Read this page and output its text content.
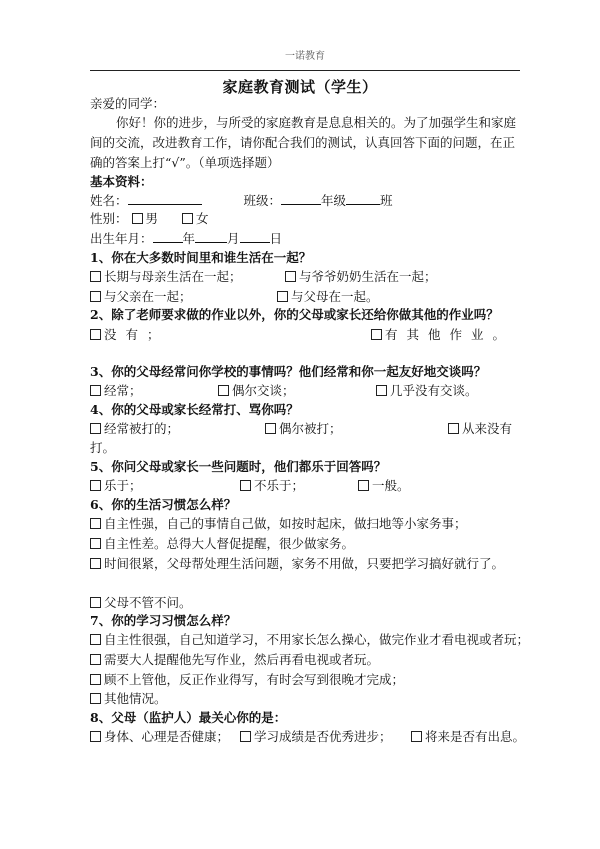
一诺教育
家庭教育测试（学生）
亲爱的同学：
你好！你的进步，与所受的家庭教育是息息相关的。为了加强学生和家庭间的交流，改进教育工作，请你配合我们的测试，认真回答下面的问题，在正确的答案上打“√”。（单项选择题）
基本资料：
姓名：	班级：	年级	班
性别： 男	女
出生年月： 年	月 日
1、你在大多数时间里和谁生活在一起？
长期与母亲生活在一起；	与爷爷奶奶生活在一起；
与父亲在一起；	与父母在一起。
2、除了老师要求做的作业以外，你的父母或家长还给你做其他的作业吗？
没有；	有其他作业。
3、你的父母经常问你学校的事情吗？他们经常和你一起友好地交谈吗？
经常；	偶尔交谈；	几乎没有交谈。
4、你的父母或家长经常打、骂你吗？
经常被打的；	偶尔被打；	从来没有
打。
5、你问父母或家长一些问题时，他们都乐于回答吗？
乐于；	不乐于；	一般。
6、你的生活习惯怎么样？
自主性强，自己的事情自己做，如按时起床，做扫地等小家务事；
自主性差。总得大人督促提醒，很少做家务。
时间很紧，父母帮处理生活问题，家务不用做，只要把学习搞好就行了。
父母不管不问。
7、你的学习习惯怎么样？
自主性很强，自己知道学习，不用家长怎么操心，做完作业才看电视或者玩；
需要大人提醒他先写作业，然后再看电视或者玩。
顾不上管他，反正作业得写，有时会写到很晚才完成；
其他情况。
8、父母（监护人）最关心你的是：
身体、心理是否健康；	学习成绩是否优秀进步；	将来是否有出息。
